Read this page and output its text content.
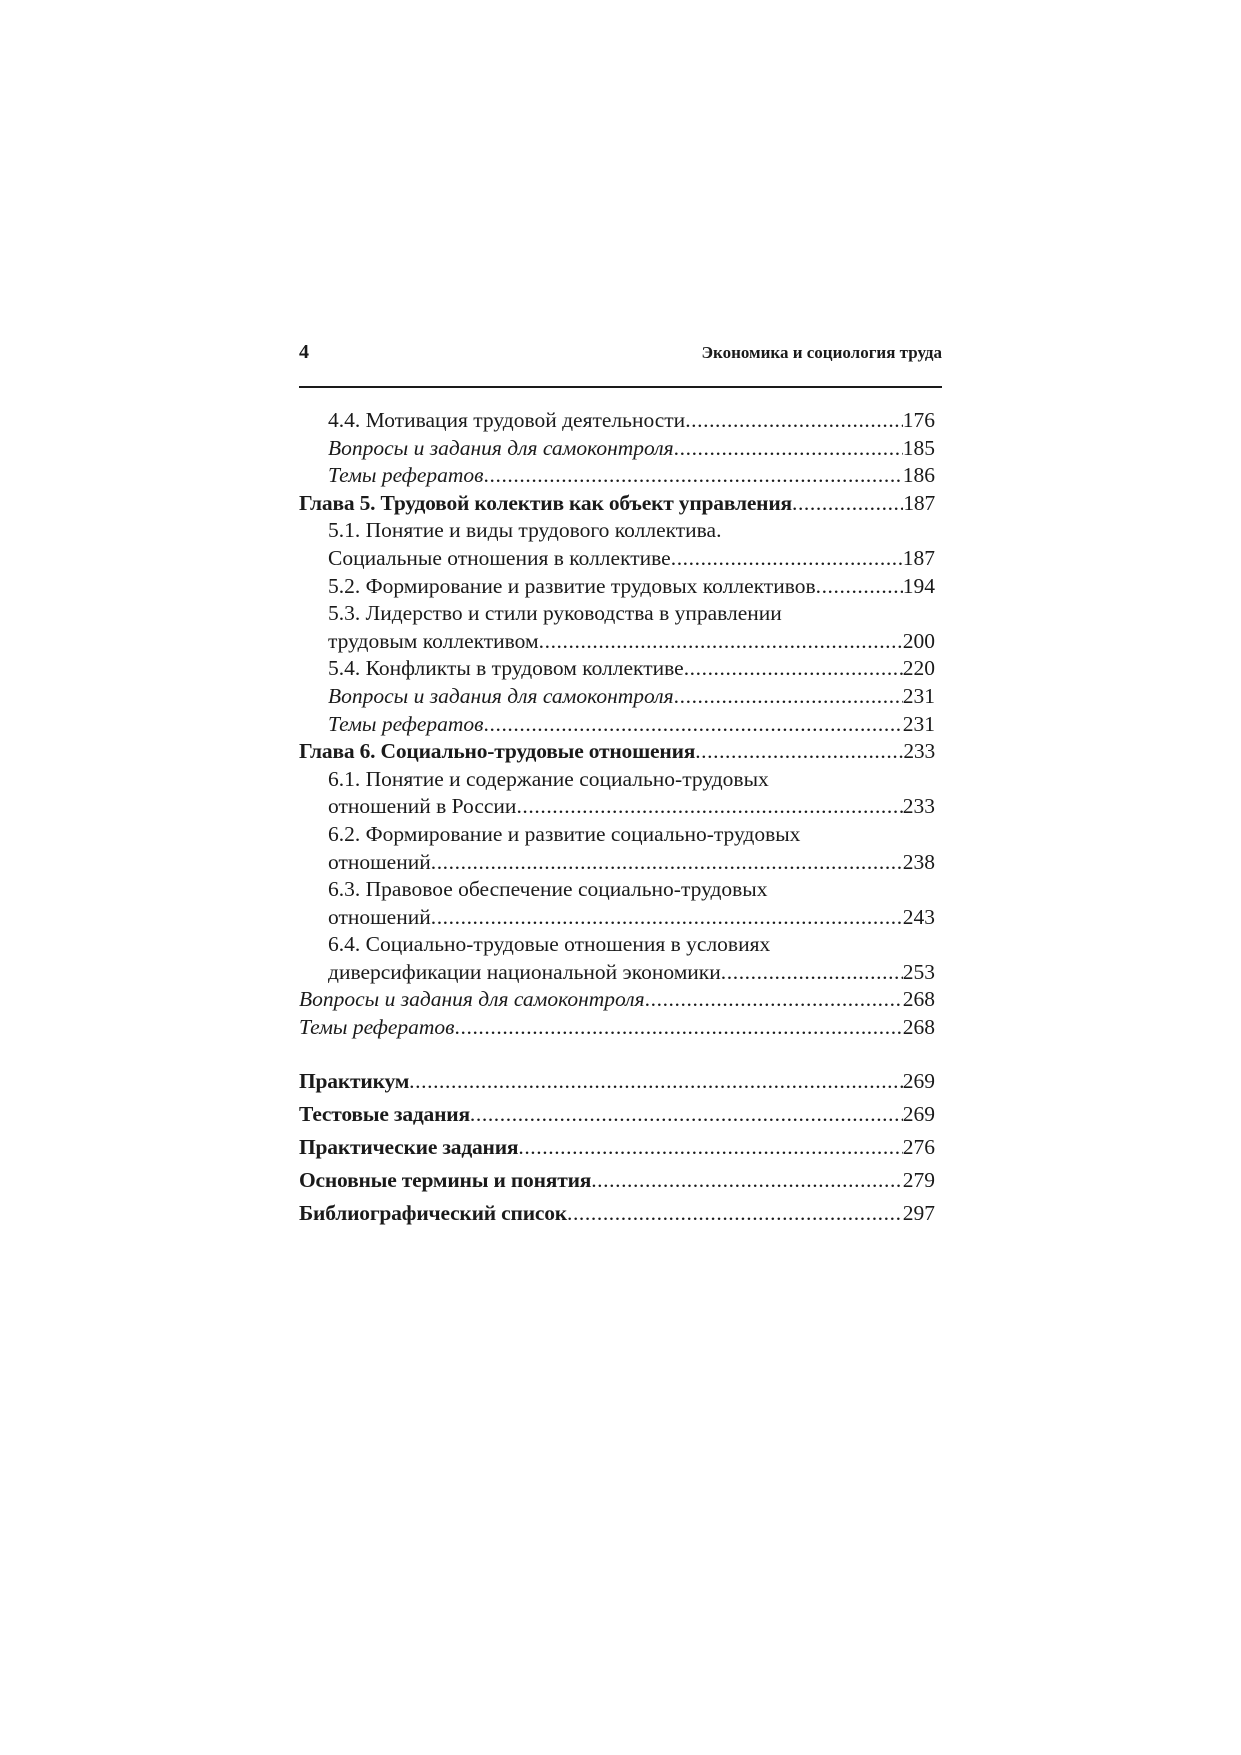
4	Экономика и социология труда
4.4. Мотивация трудовой деятельности .....	176
Вопросы и задания для самоконтроля .....	185
Темы рефератов .....	186
Глава 5. Трудовой колектив как объект управления .....	187
5.1. Понятие и виды трудового коллектива.
Социальные отношения в коллективе .....	187
5.2. Формирование и развитие трудовых коллективов .....	194
5.3. Лидерство и стили руководства в управлении
трудовым коллективом .....	200
5.4. Конфликты в трудовом коллективе .....	220
Вопросы и задания для самоконтроля .....	231
Темы рефератов .....	231
Глава 6. Социально-трудовые отношения .....	233
6.1. Понятие и содержание социально-трудовых
отношений в России .....	233
6.2. Формирование и развитие социально-трудовых
отношений .....	238
6.3. Правовое обеспечение социально-трудовых
отношений .....	243
6.4. Социально-трудовые отношения в условиях
диверсификации национальной экономики .....	253
Вопросы и задания для самоконтроля .....	268
Темы рефератов .....	268
Практикум .....	269
Тестовые задания .....	269
Практические задания .....	276
Основные термины и понятия .....	279
Библиографический список .....	297
